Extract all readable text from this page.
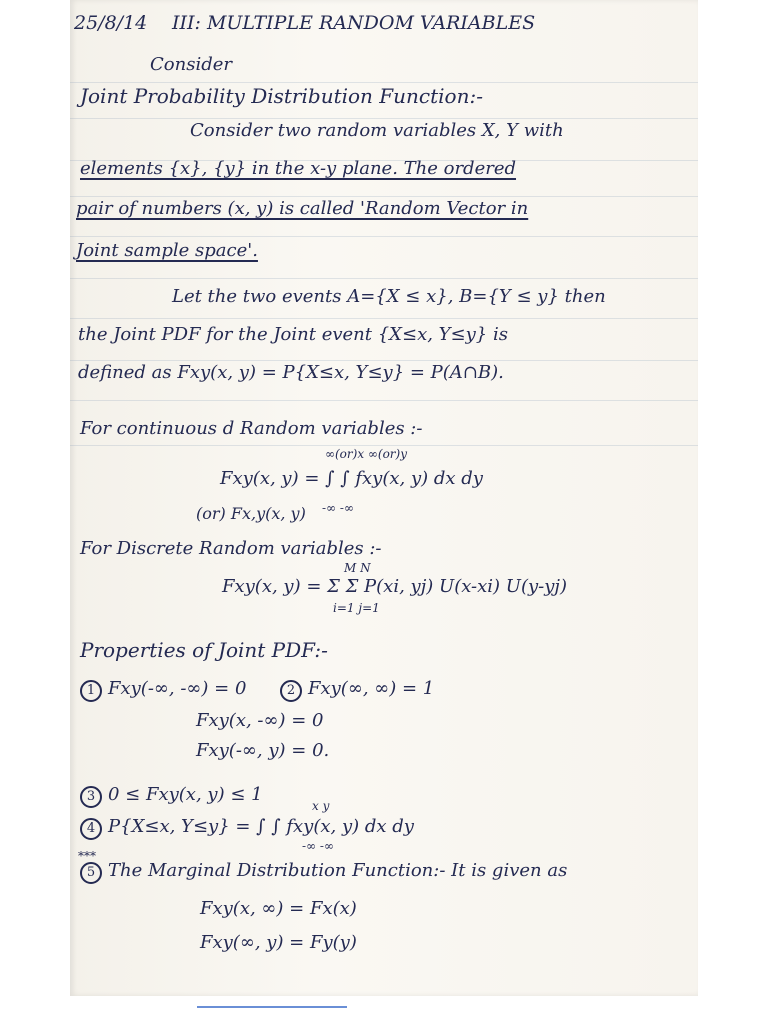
25/8/14 III: MULTIPLE RANDOM VARIABLES
Consider
Joint Probability Distribution Function:-
Consider two random variables X, Y with
elements {x}, {y} in the x-y plane. The ordered
pair of numbers (x, y) is called 'Random Vector in
Joint sample space'.
Let the two events A={X ≤ x}, B={Y ≤ y} then
the Joint PDF for the Joint event {X≤x, Y≤y} is
defined as Fxy(x, y) = P{X≤x, Y≤y} = P(A∩B).
For continuous d Random variables :-
∞(or)x ∞(or)y
Fxy(x, y) = ∫ ∫ fxy(x, y) dx dy
-∞ -∞
(or) Fx,y(x, y)
For Discrete Random variables :-
M N
Fxy(x, y) = Σ Σ P(xi, yj) U(x-xi) U(y-yj)
i=1 j=1
Properties of Joint PDF:-
1 Fxy(-∞, -∞) = 0	2 Fxy(∞, ∞) = 1
Fxy(x, -∞) = 0
Fxy(-∞, y) = 0.
3 0 ≤ Fxy(x, y) ≤ 1
x y
4 P{X≤x, Y≤y} = ∫ ∫ fxy(x, y) dx dy
-∞ -∞
***
5 The Marginal Distribution Function:- It is given as
Fxy(x, ∞) = Fx(x)
Fxy(∞, y) = Fy(y)
